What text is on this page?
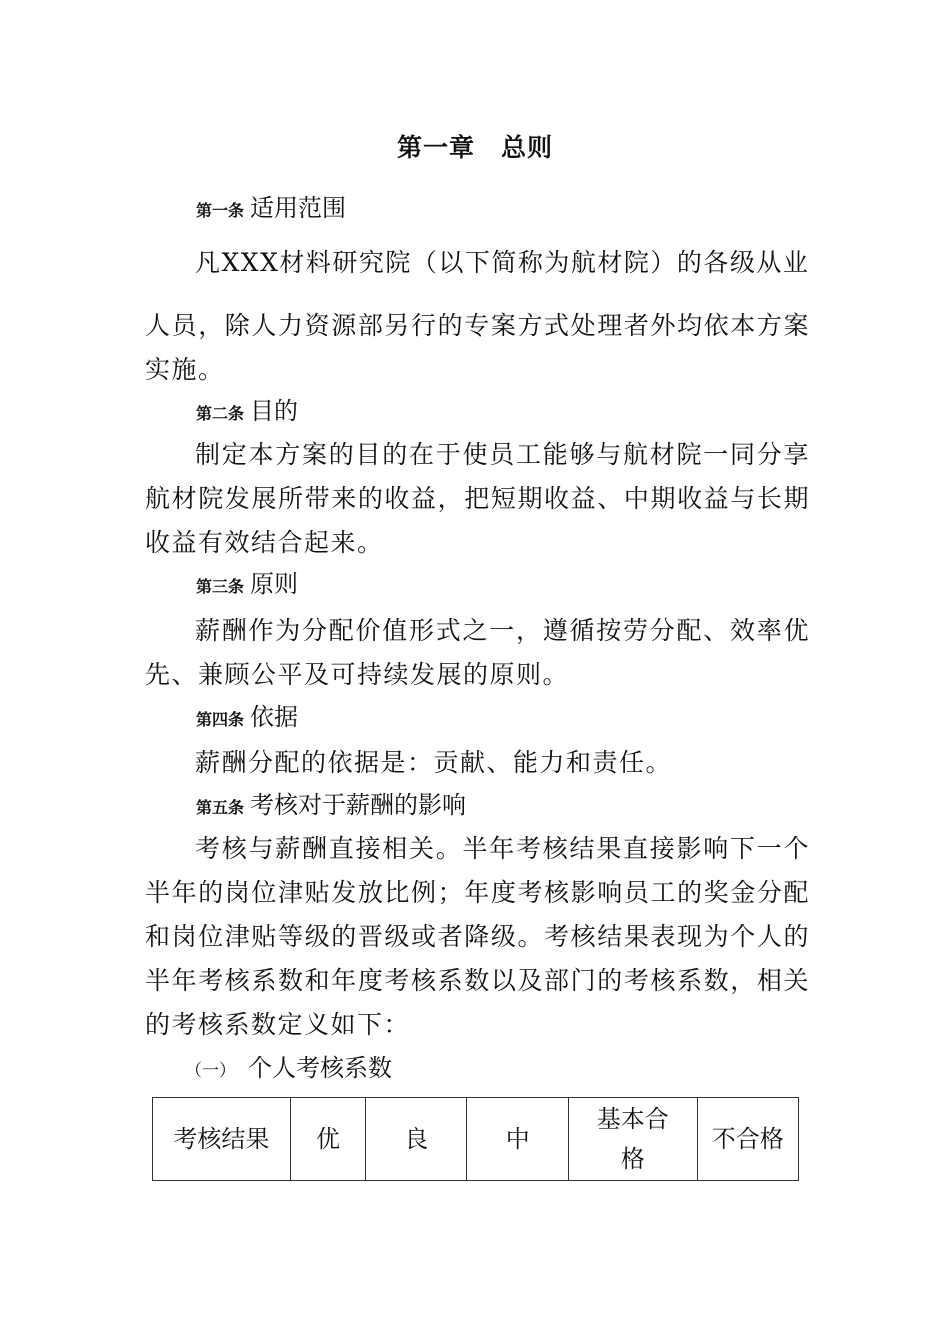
第一章　总则
第一条 适用范围
凡XXX材料研究院（以下简称为航材院）的各级从业
人员，除人力资源部另行的专案方式处理者外均依本方案实施。
第二条 目的
制定本方案的目的在于使员工能够与航材院一同分享航材院发展所带来的收益，把短期收益、中期收益与长期收益有效结合起来。
第三条 原则
薪酬作为分配价值形式之一，遵循按劳分配、效率优先、兼顾公平及可持续发展的原则。
第四条 依据
薪酬分配的依据是：贡献、能力和责任。
第五条 考核对于薪酬的影响
考核与薪酬直接相关。半年考核结果直接影响下一个半年的岗位津贴发放比例；年度考核影响员工的奖金分配和岗位津贴等级的晋级或者降级。考核结果表现为个人的半年考核系数和年度考核系数以及部门的考核系数，相关的考核系数定义如下：
（一） 个人考核系数
考核结果	优	良	中	基本合格	不合格
